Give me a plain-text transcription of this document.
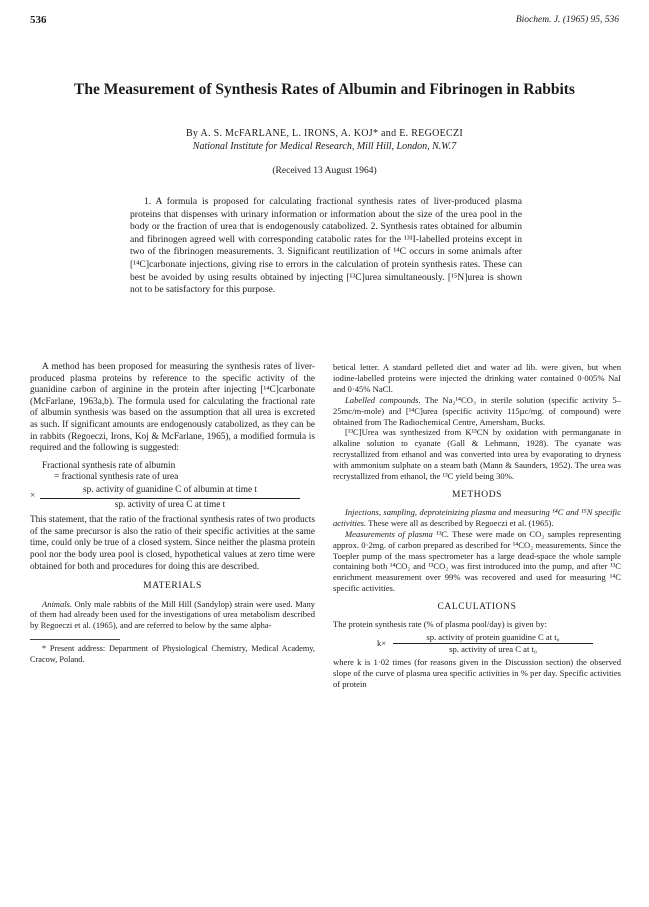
536	Biochem. J. (1965) 95, 536
The Measurement of Synthesis Rates of Albumin and Fibrinogen in Rabbits
By A. S. McFARLANE, L. IRONS, A. KOJ* and E. REGOECZI
National Institute for Medical Research, Mill Hill, London, N.W.7
(Received 13 August 1964)
1. A formula is proposed for calculating fractional synthesis rates of liver-produced plasma proteins that dispenses with urinary information or information about the size of the urea pool in the body or the fraction of urea that is endogenously catabolized. 2. Synthesis rates obtained for albumin and fibrinogen agreed well with corresponding catabolic rates for the ¹³¹I-labelled proteins except in two of the fibrinogen measurements. 3. Significant reutilization of ¹⁴C occurs in some animals after [¹⁴C]carbonate injections, giving rise to errors in the calculation of protein synthesis rates. These can best be avoided by using results obtained by injecting [¹³C]urea simultaneously. [¹⁵N]urea is shown not to be satisfactory for this purpose.

A method has been proposed for measuring the synthesis rates of liver-produced plasma proteins by reference to the specific activity of the guanidine carbon of arginine in the protein after injecting [¹⁴C]carbonate (McFarlane, 1963a,b). The formula used for calculating the fractional rate of albumin synthesis was based on the assumption that all urea is excreted as such. If significant amounts are endogenously catabolized, as they can be in rabbits (Regoeczi, Irons, Koj & McFarlane, 1965), a modified formula is required and the following is suggested:

Fractional synthesis rate of albumin

= fractional synthesis rate of urea

×
sp. activity of guanidine C of albumin at time t
sp. activity of urea C at time t

This statement, that the ratio of the fractional synthesis rates of two products of the same precursor is also the ratio of their specific activities at the same time, could only be true of a closed system. Since neither the plasma protein pool nor the body urea pool is closed, hypothetical values at zero time were obtained for both and procedures for doing this are described.

MATERIALS

Animals. Only male rabbits of the Mill Hill (Sandylop) strain were used. Many of them had already been used for the investigations of urea metabolism described by Regoeczi et al. (1965), and are referred to below by the same alpha-

* Present address: Department of Physiological Chemistry, Medical Academy, Cracow, Poland.

betical letter. A standard pelleted diet and water ad lib. were given, but when iodine-labelled proteins were injected the drinking water contained 0·005% NaI and 0·45% NaCl.

Labelled compounds. The Na₂¹⁴CO₃ in sterile solution (specific activity 5–25mc/m-mole) and [¹⁴C]urea (specific activity 115µc/mg. of compound) were obtained from The Radiochemical Centre, Amersham, Bucks.

[¹³C]Urea was synthesized from K¹³CN by oxidation with permanganate in alkaline solution to cyanate (Gall & Lehmann, 1928). The cyanate was recrystallized from ethanol and was converted into urea by evaporating to dryness with ammonium sulphate on a steam bath (Mann & Saunders, 1952). The urea was recrystallized from ethanol, the ¹³C yield being 30%.

METHODS

Injections, sampling, deproteinizing plasma and measuring ¹⁴C and ¹⁵N specific activities. These were all as described by Regoeczi et al. (1965).

Measurements of plasma ¹³C. These were made on CO₂ samples representing approx. 0·2mg. of carbon prepared as described for ¹⁴CO₂ measurements. Since the Toepler pump of the mass spectrometer has a large dead-space the whole sample containing both ¹⁴CO₂ and ¹³CO₂ was first introduced into the pump, and after ¹³C enrichment measurement over 99% was recovered and used for measuring ¹⁴C specific activities.

CALCULATIONS

The protein synthesis rate (% of plasma pool/day) is given by:

k×
sp. activity of protein guanidine C at t₀
sp. activity of urea C at t₀

where k is 1·02 times (for reasons given in the Discussion section) the observed slope of the curve of plasma urea specific activities in % per day. Specific activities of protein
